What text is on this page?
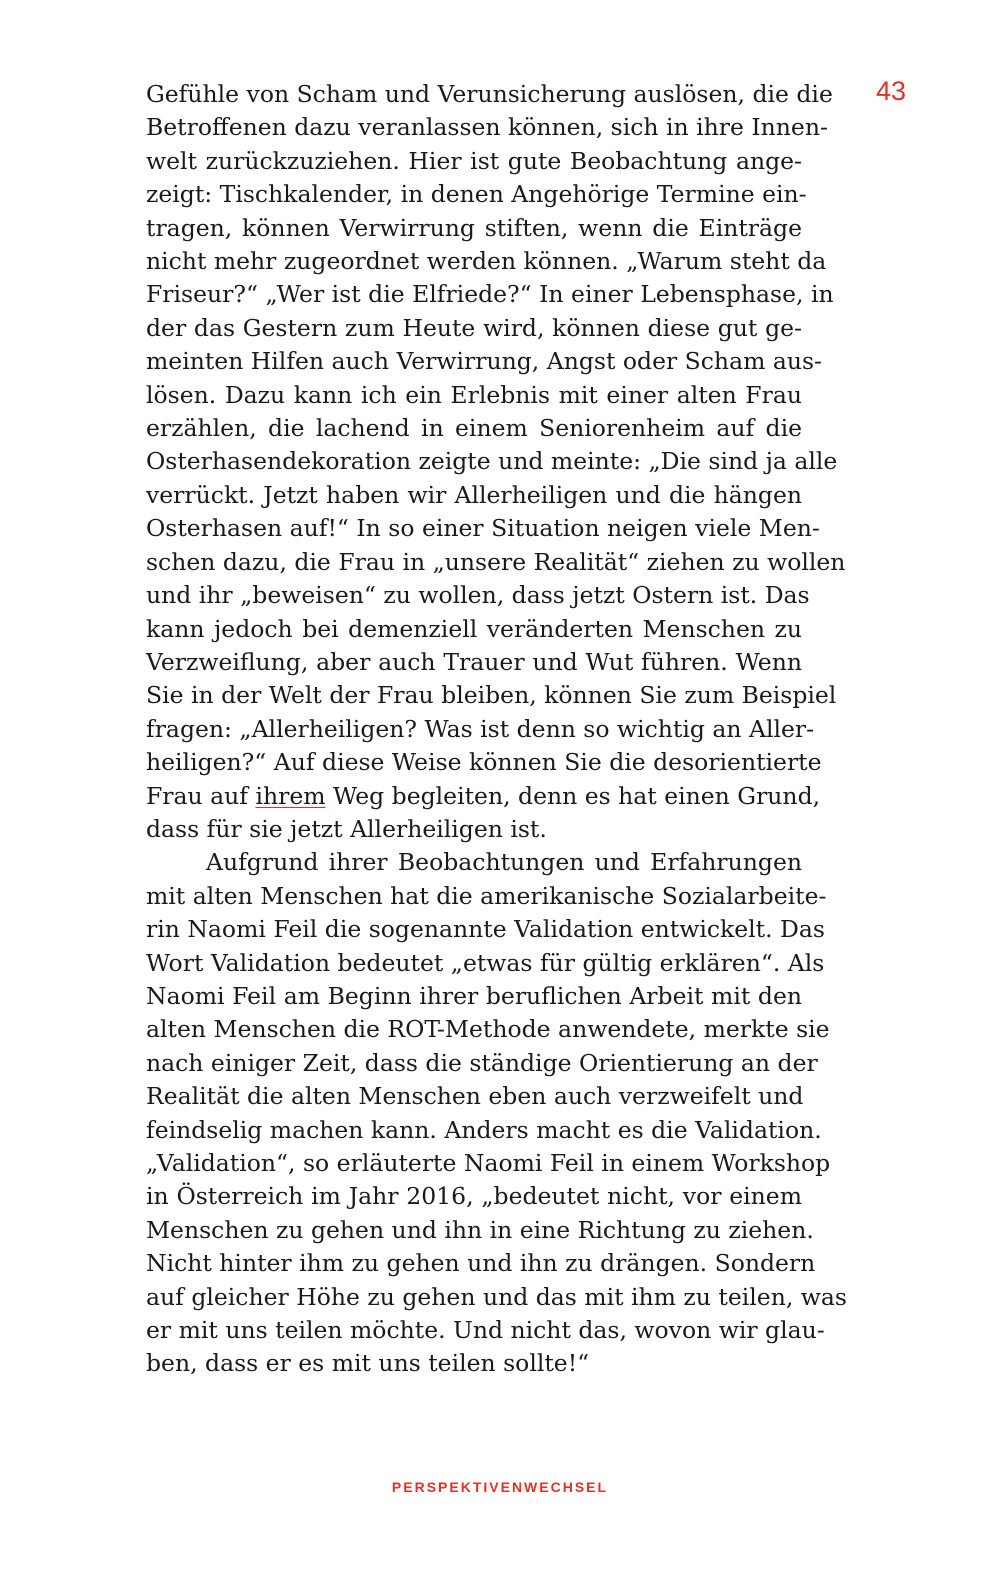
43
Gefühle von Scham und Verunsicherung auslösen, die die
Betroffenen dazu veranlassen können, sich in ihre Innen-
welt zurückzuziehen. Hier ist gute Beobachtung ange-
zeigt: Tischkalender, in denen Angehörige Termine ein-
tragen, können Verwirrung stiften, wenn die Einträge
nicht mehr zugeordnet werden können. „Warum steht da
Friseur?“ „Wer ist die Elfriede?“ In einer Lebensphase, in
der das Gestern zum Heute wird, können diese gut ge-
meinten Hilfen auch Verwirrung, Angst oder Scham aus-
lösen. Dazu kann ich ein Erlebnis mit einer alten Frau
erzählen, die lachend in einem Seniorenheim auf die
Osterhasendekoration zeigte und meinte: „Die sind ja alle
verrückt. Jetzt haben wir Allerheiligen und die hängen
Osterhasen auf!“ In so einer Situation neigen viele Men-
schen dazu, die Frau in „unsere Realität“ ziehen zu wollen
und ihr „beweisen“ zu wollen, dass jetzt Ostern ist. Das
kann jedoch bei demenziell veränderten Menschen zu
Verzweiflung, aber auch Trauer und Wut führen. Wenn
Sie in der Welt der Frau bleiben, können Sie zum Beispiel
fragen: „Allerheiligen? Was ist denn so wichtig an Aller-
heiligen?“ Auf diese Weise können Sie die desorientierte
Frau auf ihrem Weg begleiten, denn es hat einen Grund,
dass für sie jetzt Allerheiligen ist.
Aufgrund ihrer Beobachtungen und Erfahrungen
mit alten Menschen hat die amerikanische Sozialarbeite-
rin Naomi Feil die sogenannte Validation entwickelt. Das
Wort Validation bedeutet „etwas für gültig erklären“. Als
Naomi Feil am Beginn ihrer beruflichen Arbeit mit den
alten Menschen die ROT-Methode anwendete, merkte sie
nach einiger Zeit, dass die ständige Orientierung an der
Realität die alten Menschen eben auch verzweifelt und
feindselig machen kann. Anders macht es die Validation.
„Validation“, so erläuterte Naomi Feil in einem Workshop
in Österreich im Jahr 2016, „bedeutet nicht, vor einem
Menschen zu gehen und ihn in eine Richtung zu ziehen.
Nicht hinter ihm zu gehen und ihn zu drängen. Sondern
auf gleicher Höhe zu gehen und das mit ihm zu teilen, was
er mit uns teilen möchte. Und nicht das, wovon wir glau-
ben, dass er es mit uns teilen sollte!“
PERSPEKTIVENWECHSEL
